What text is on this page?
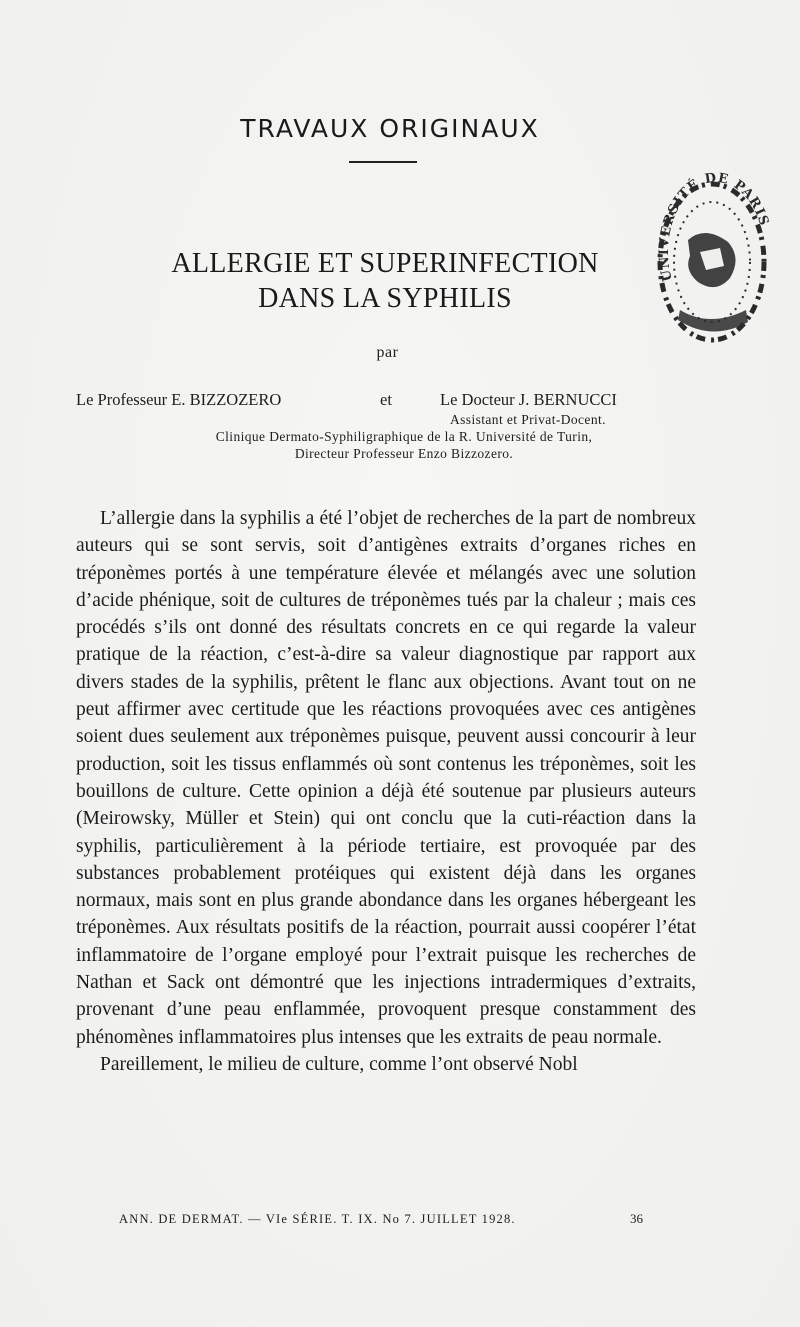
TRAVAUX ORIGINAUX
ALLERGIE ET SUPERINFECTION
DANS LA SYPHILIS
par
Le Professeur E. BIZZOZERO	et	Le Docteur J. BERNUCCI
Assistant et Privat-Docent.
Clinique Dermato-Syphiligraphique de la R. Université de Turin,
Directeur Professeur Enzo Bizzozero.

L’allergie dans la syphilis a été l’objet de recherches de la part de nombreux auteurs qui se sont servis, soit d’antigènes extraits d’organes riches en tréponèmes portés à une température élevée et mélangés avec une solution d’acide phénique, soit de cultures de tréponèmes tués par la chaleur ; mais ces procédés s’ils ont donné des résultats concrets en ce qui regarde la valeur pratique de la réaction, c’est-à-dire sa valeur diagnostique par rapport aux divers stades de la syphilis, prêtent le flanc aux objections. Avant tout on ne peut affirmer avec certitude que les réactions provoquées avec ces antigènes soient dues seulement aux tréponèmes puisque, peuvent aussi concourir à leur production, soit les tissus enflammés où sont contenus les tréponèmes, soit les bouillons de culture. Cette opinion a déjà été soutenue par plusieurs auteurs (Meirowsky, Müller et Stein) qui ont conclu que la cuti-réaction dans la syphilis, particulièrement à la période tertiaire, est provoquée par des substances probablement protéiques qui existent déjà dans les organes normaux, mais sont en plus grande abondance dans les organes hébergeant les tréponèmes. Aux résultats positifs de la réaction, pourrait aussi coopérer l’état inflammatoire de l’organe employé pour l’extrait puisque les recherches de Nathan et Sack ont démontré que les injections intradermiques d’extraits, provenant d’une peau enflammée, provoquent presque constamment des phénomènes inflammatoires plus intenses que les extraits de peau normale.

Pareillement, le milieu de culture, comme l’ont observé Nobl

ANN. DE DERMAT. — VIe SÉRIE. T. IX. No 7. JUILLET 1928.	36
UNIVERSITÉ DE PARIS
